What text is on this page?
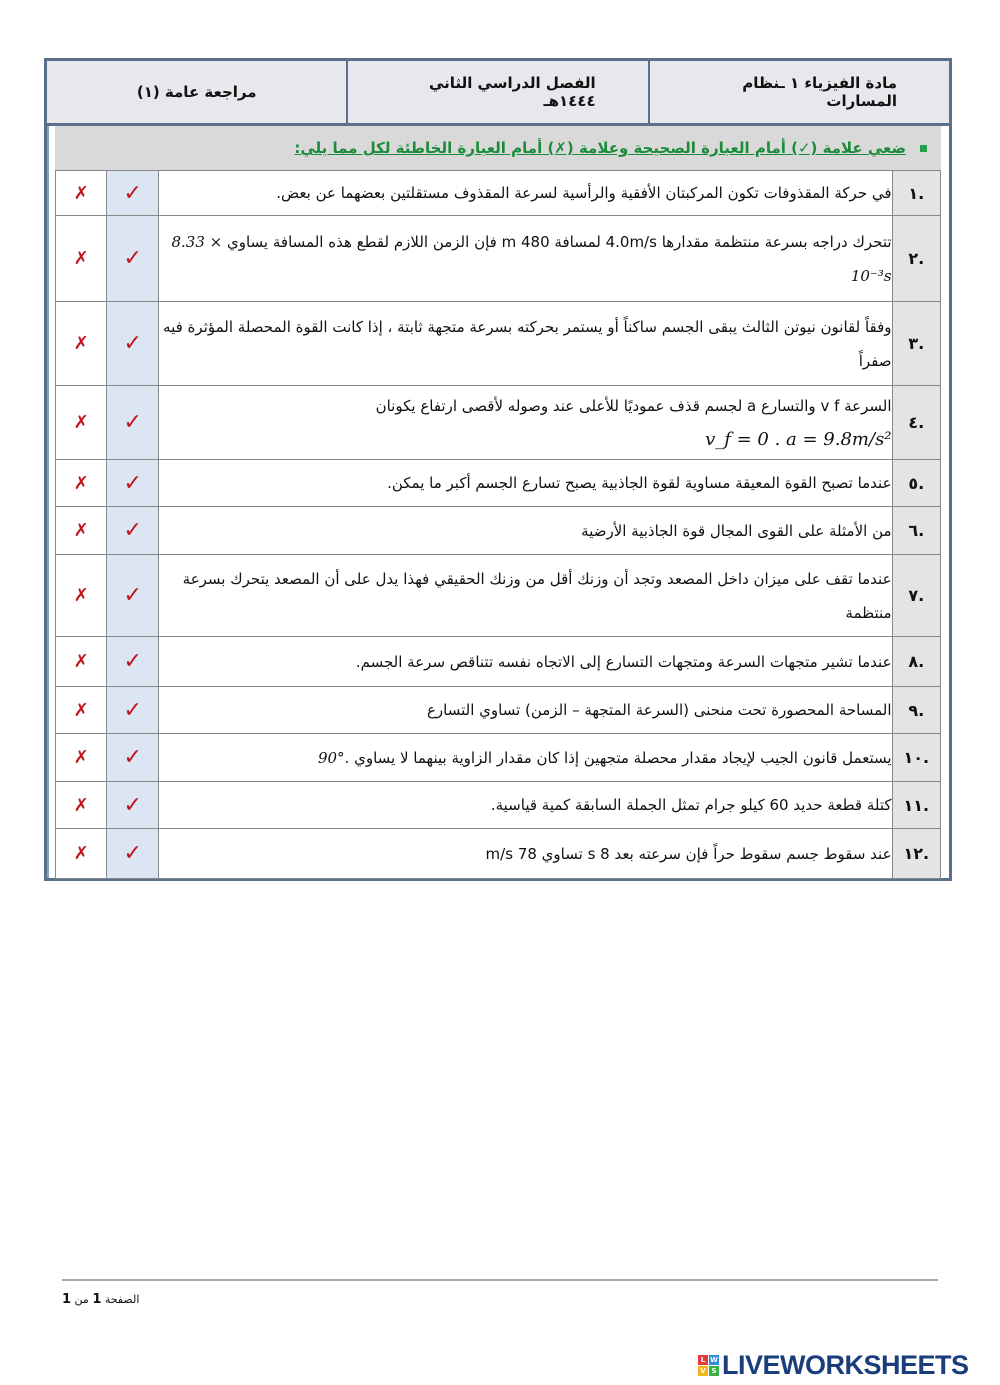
مادة الفيزياء ١ ـنظام المسارات
الفصل الدراسي الثاني ١٤٤٤هـ
مراجعة عامة (١)
ضعي علامة (✓) أمام العبارة الصحيحة وعلامة (✗) أمام العبارة الخاطئة لكل مما يلي:
✗	✓	في حركة المقذوفات تكون المركبتان الأفقية والرأسية لسرعة المقذوف مستقلتين بعضهما عن بعض.	.١
✗	✓	تتحرك دراجه بسرعة منتظمة مقدارها 4.0m/s لمسافة 480 m فإن الزمن اللازم لقطع هذه المسافة يساوي 8.33 × 10⁻³s	.٢
✗	✓	وفقاً لقانون نيوتن الثالث يبقى الجسم ساكناً أو يستمر بحركته بسرعة متجهة ثابتة ، إذا كانت القوة المحصلة المؤثرة فيه صفراً	.٣
✗	✓	السرعة v f والتسارع a لجسم قذف عموديًا للأعلى عند وصوله لأقصى ارتفاع يكونان
v_f = 0 . a = 9.8m/s²	.٤
✗	✓	عندما تصبح القوة المعيقة مساوية لقوة الجاذبية يصبح تسارع الجسم أكبر ما يمكن.	.٥
✗	✓	من الأمثلة على القوى المجال قوة الجاذبية الأرضية	.٦
✗	✓	عندما تقف على ميزان داخل المصعد وتجد أن وزنك أقل من وزنك الحقيقي فهذا يدل على أن المصعد يتحرك بسرعة منتظمة	.٧
✗	✓	عندما تشير متجهات السرعة ومتجهات التسارع إلى الاتجاه نفسه تتناقص سرعة الجسم.	.٨
✗	✓	المساحة المحصورة تحت منحنى (السرعة المتجهة – الزمن) تساوي التسارع	.٩
✗	✓	يستعمل قانون الجيب لإيجاد مقدار محصلة متجهين إذا كان مقدار الزاوية بينهما لا يساوي 90°.	.١٠
✗	✓	كتلة قطعة حديد 60 كيلو جرام تمثل الجملة السابقة كمية قياسية.	.١١
✗	✓	عند سقوط جسم سقوط حراً فإن سرعته بعد 8 s تساوي 78 m/s	.١٢
الصفحة 1 من 1
L W
V S LIVEWORKSHEETS
